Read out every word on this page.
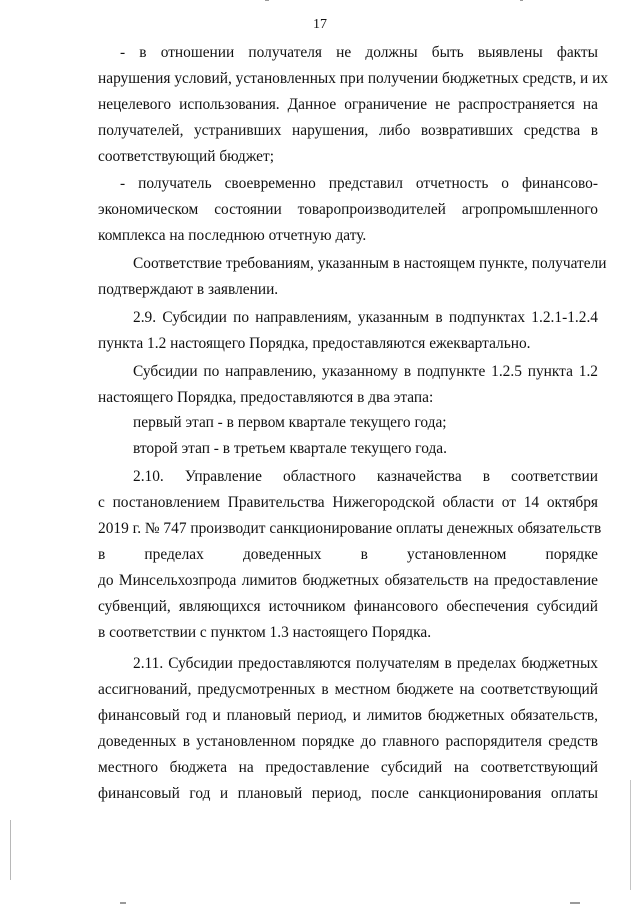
17
- в отношении получателя не должны быть выявлены факты
нарушения условий, установленных при получении бюджетных средств, и их
нецелевого использования. Данное ограничение не распространяется на
получателей, устранивших нарушения, либо возвративших средства в
соответствующий бюджет;
- получатель своевременно представил отчетность о финансово-
экономическом состоянии товаропроизводителей агропромышленного
комплекса на последнюю отчетную дату.
Соответствие требованиям, указанным в настоящем пункте, получатели
подтверждают в заявлении.
2.9. Субсидии по направлениям, указанным в подпунктах 1.2.1-1.2.4
пункта 1.2 настоящего Порядка, предоставляются ежеквартально.
Субсидии по направлению, указанному в подпункте 1.2.5 пункта 1.2
настоящего Порядка, предоставляются в два этапа:
первый этап - в первом квартале текущего года;
второй этап - в третьем квартале текущего года.
2.10. Управление областного казначейства в соответствии
с постановлением Правительства Нижегородской области от 14 октября
2019 г. № 747 производит санкционирование оплаты денежных обязательств
в пределах доведенных в установленном порядке
до Минсельхозпрода лимитов бюджетных обязательств на предоставление
субвенций, являющихся источником финансового обеспечения субсидий
в соответствии с пунктом 1.3 настоящего Порядка.
2.11. Субсидии предоставляются получателям в пределах бюджетных
ассигнований, предусмотренных в местном бюджете на соответствующий
финансовый год и плановый период, и лимитов бюджетных обязательств,
доведенных в установленном порядке до главного распорядителя средств
местного бюджета на предоставление субсидий на соответствующий
финансовый год и плановый период, после санкционирования оплаты
